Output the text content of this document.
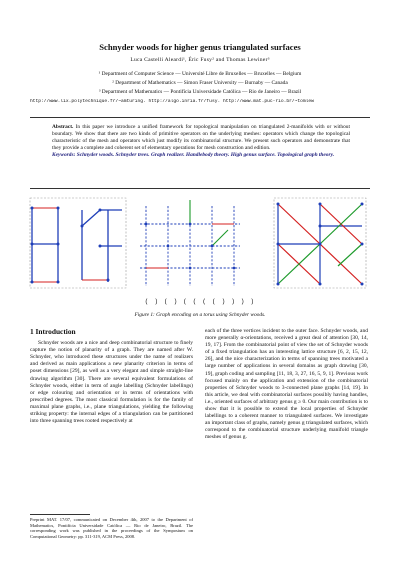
Schnyder woods for higher genus triangulated surfaces
Luca Castelli Aleardi¹, Éric Fusy² and Thomas Lewiner³
¹ Department of Computer Science — Université Libre de Bruxelles — Bruxelles — Belgium
² Department of Mathematics — Simon Fraser University — Burnaby — Canada
³ Department of Mathematics — Pontifícia Universidade Católica — Rio de Janeiro — Brazil
http://www.lix.polytechnique.fr/~amturing. http://algo.inria.fr/fusy. http://www.mat.puc-rio.br/~tomlew
Abstract. In this paper we introduce a unified framework for topological manipulation on triangulated 2-manifolds with or without boundary. We show that there are two kinds of primitive operators on the underlying meshes: operators which change the topological characteristic of the mesh and operators which just modify its combinatorial structure. We present such operators and demonstrate that they provide a complete and coherent set of elementary operations for mesh construction and edition.
Keywords: Schnyder woods. Schnyder trees. Graph realizer. Handlebody theory. High genus surface. Topological graph theory.
( ) ( ) ( ( ( ( ) ) ) )
Figure 1: Graph encoding on a torus using Schnyder woods.
1 Introduction

Schnyder woods are a nice and deep combinatorial structure to finely capture the notion of planarity of a graph. They are named after W. Schnyder, who introduced these structures under the name of realizers and derived as main applications a new planarity criterion in terms of poset dimensions [29], as well as a very elegant and simple straight-line drawing algorithm [30]. There are several equivalent formulations of Schnyder woods, either in term of angle labelling (Schnyder labellings) or edge colouring and orientation or in terms of orientations with prescribed degrees. The most classical formulation is for the family of maximal plane graphs, i.e., plane triangulations, yielding the following striking property: the internal edges of a triangulation can be partitioned into three spanning trees rooted respectively at

Preprint MAT. 17/07, communicated on December 4th, 2007 to the Department of Mathematics, Pontifícia Universidade Católica — Rio de Janeiro, Brazil. The corresponding work was published in the proceedings of the Symposium on Computational Geometry: pp. 311-319, ACM Press, 2008.

each of the three vertices incident to the outer face. Schnyder woods, and more generally α-orientations, received a great deal of attention [30, 14, 19, 17]. From the combinatorial point of view the set of Schnyder woods of a fixed triangulation has an interesting lattice structure [6, 2, 15, 12, 26], and the nice characterization in terms of spanning trees motivated a large number of applications in several domains as graph drawing [30, 19], graph coding and sampling [11, 18, 3, 27, 16, 5, 9, 1]. Previous work focused mainly on the application and extension of the combinatorial properties of Schnyder woods to 3-connected plane graphs [14, 19]. In this article, we deal with combinatorial surfaces possibly having handles, i.e., oriented surfaces of arbitrary genus g ≥ 0. Our main contribution is to show that it is possible to extend the local properties of Schnyder labellings to a coherent manner to triangulated surfaces. We investigate an important class of graphs, namely genus g triangulated surfaces, which correspond to the combinatorial structure underlying manifold triangle meshes of genus g.
